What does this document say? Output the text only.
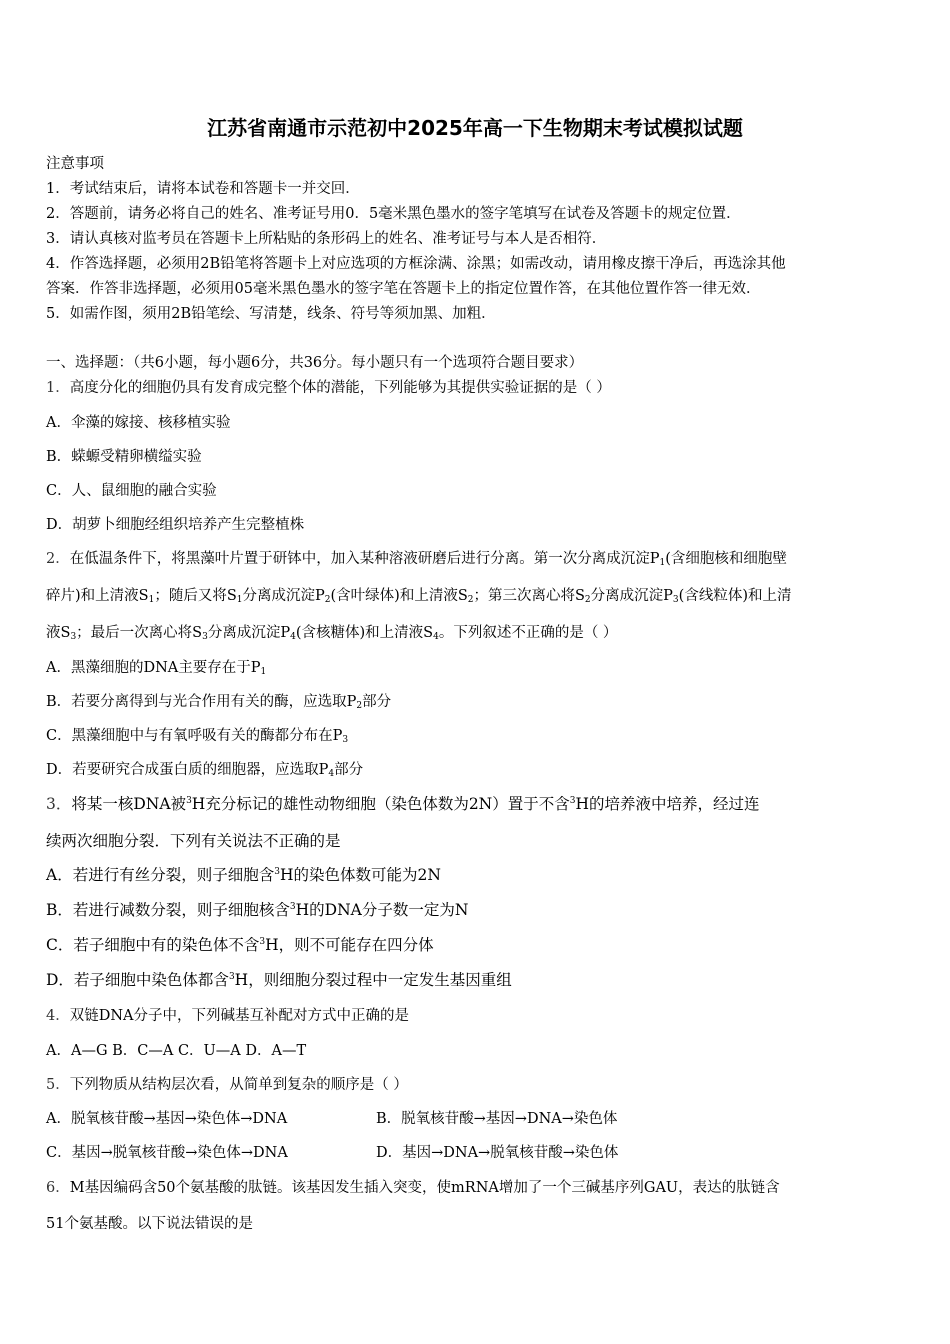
江苏省南通市示范初中2025年高一下生物期末考试模拟试题
注意事项
1．考试结束后，请将本试卷和答题卡一并交回．
2．答题前，请务必将自己的姓名、准考证号用0．5毫米黑色墨水的签字笔填写在试卷及答题卡的规定位置．
3．请认真核对监考员在答题卡上所粘贴的条形码上的姓名、准考证号与本人是否相符．
4．作答选择题，必须用2B铅笔将答题卡上对应选项的方框涂满、涂黑；如需改动，请用橡皮擦干净后，再选涂其他
答案．作答非选择题，必须用05毫米黑色墨水的签字笔在答题卡上的指定位置作答，在其他位置作答一律无效．
5．如需作图，须用2B铅笔绘、写清楚，线条、符号等须加黑、加粗．
一、选择题：（共6小题，每小题6分，共36分。每小题只有一个选项符合题目要求）
1．高度分化的细胞仍具有发育成完整个体的潜能，下列能够为其提供实验证据的是（ ）
A．伞藻的嫁接、核移植实验
B．蝾螈受精卵横缢实验
C．人、鼠细胞的融合实验
D．胡萝卜细胞经组织培养产生完整植株
2．在低温条件下，将黑藻叶片置于研钵中，加入某种溶液研磨后进行分离。第一次分离成沉淀$P_1$(含细胞核和细胞壁
碎片)和上清液$S_1$；随后又将$S_1$分离成沉淀$P_2$(含叶绿体)和上清液$S_2$；第三次离心将$S_2$分离成沉淀$P_3$(含线粒体)和上清
液$S_3$；最后一次离心将$S_3$分离成沉淀$P_4$(含核糖体)和上清液$S_4$。下列叙述不正确的是（ ）
A．黑藻细胞的DNA主要存在于$P_1$
B．若要分离得到与光合作用有关的酶，应选取$P_2$部分
C．黑藻细胞中与有氧呼吸有关的酶都分布在$P_3$
D．若要研究合成蛋白质的细胞器，应选取$P_4$部分
3．将某一核DNA被$^3$H充分标记的雄性动物细胞（染色体数为2N）置于不含$^3$H的培养液中培养，经过连
续两次细胞分裂．下列有关说法不正确的是
A．若进行有丝分裂，则子细胞含$^3$H的染色体数可能为2N
B．若进行减数分裂，则子细胞核含$^3$H的DNA分子数一定为N
C．若子细胞中有的染色体不含$^3$H，则不可能存在四分体
D．若子细胞中染色体都含$^3$H，则细胞分裂过程中一定发生基因重组
4．双链DNA分子中，下列碱基互补配对方式中正确的是
A．A—G B．C—A C．U—A D．A—T
5．下列物质从结构层次看，从简单到复杂的顺序是（ ）
A．脱氧核苷酸→基因→染色体→DNA	B．脱氧核苷酸→基因→DNA→染色体
C．基因→脱氧核苷酸→染色体→DNA	D．基因→DNA→脱氧核苷酸→染色体
6．M基因编码含50个氨基酸的肽链。该基因发生插入突变，使mRNA增加了一个三碱基序列GAU，表达的肽链含
51个氨基酸。以下说法错误的是
